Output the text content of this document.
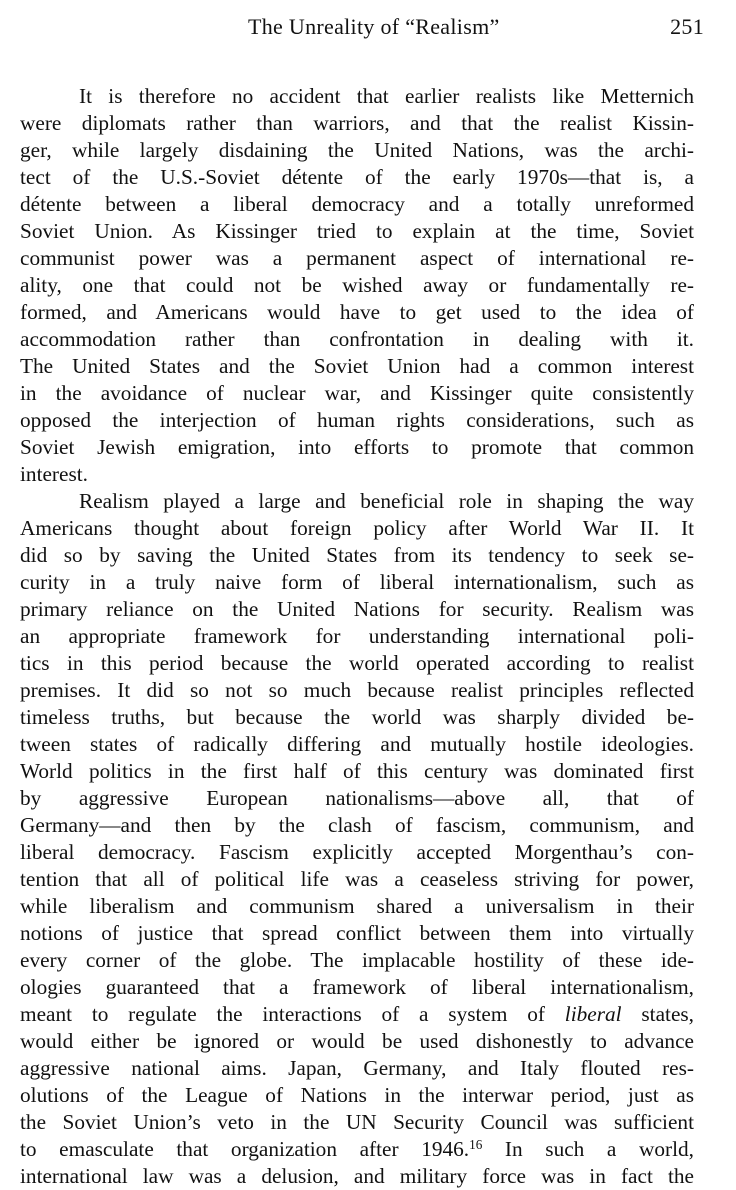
The Unreality of “Realism”	251
It is therefore no accident that earlier realists like Metternich
were diplomats rather than warriors, and that the realist Kissin-
ger, while largely disdaining the United Nations, was the archi-
tect of the U.S.-Soviet détente of the early 1970s—that is, a
détente between a liberal democracy and a totally unreformed
Soviet Union. As Kissinger tried to explain at the time, Soviet
communist power was a permanent aspect of international re-
ality, one that could not be wished away or fundamentally re-
formed, and Americans would have to get used to the idea of
accommodation rather than confrontation in dealing with it.
The United States and the Soviet Union had a common interest
in the avoidance of nuclear war, and Kissinger quite consistently
opposed the interjection of human rights considerations, such as
Soviet Jewish emigration, into efforts to promote that common
interest.
Realism played a large and beneficial role in shaping the way
Americans thought about foreign policy after World War II. It
did so by saving the United States from its tendency to seek se-
curity in a truly naive form of liberal internationalism, such as
primary reliance on the United Nations for security. Realism was
an appropriate framework for understanding international poli-
tics in this period because the world operated according to realist
premises. It did so not so much because realist principles reflected
timeless truths, but because the world was sharply divided be-
tween states of radically differing and mutually hostile ideologies.
World politics in the first half of this century was dominated first
by aggressive European nationalisms—above all, that of
Germany—and then by the clash of fascism, communism, and
liberal democracy. Fascism explicitly accepted Morgenthau’s con-
tention that all of political life was a ceaseless striving for power,
while liberalism and communism shared a universalism in their
notions of justice that spread conflict between them into virtually
every corner of the globe. The implacable hostility of these ide-
ologies guaranteed that a framework of liberal internationalism,
meant to regulate the interactions of a system of liberal states,
would either be ignored or would be used dishonestly to advance
aggressive national aims. Japan, Germany, and Italy flouted res-
olutions of the League of Nations in the interwar period, just as
the Soviet Union’s veto in the UN Security Council was sufficient
to emasculate that organization after 1946.16 In such a world,
international law was a delusion, and military force was in fact the
